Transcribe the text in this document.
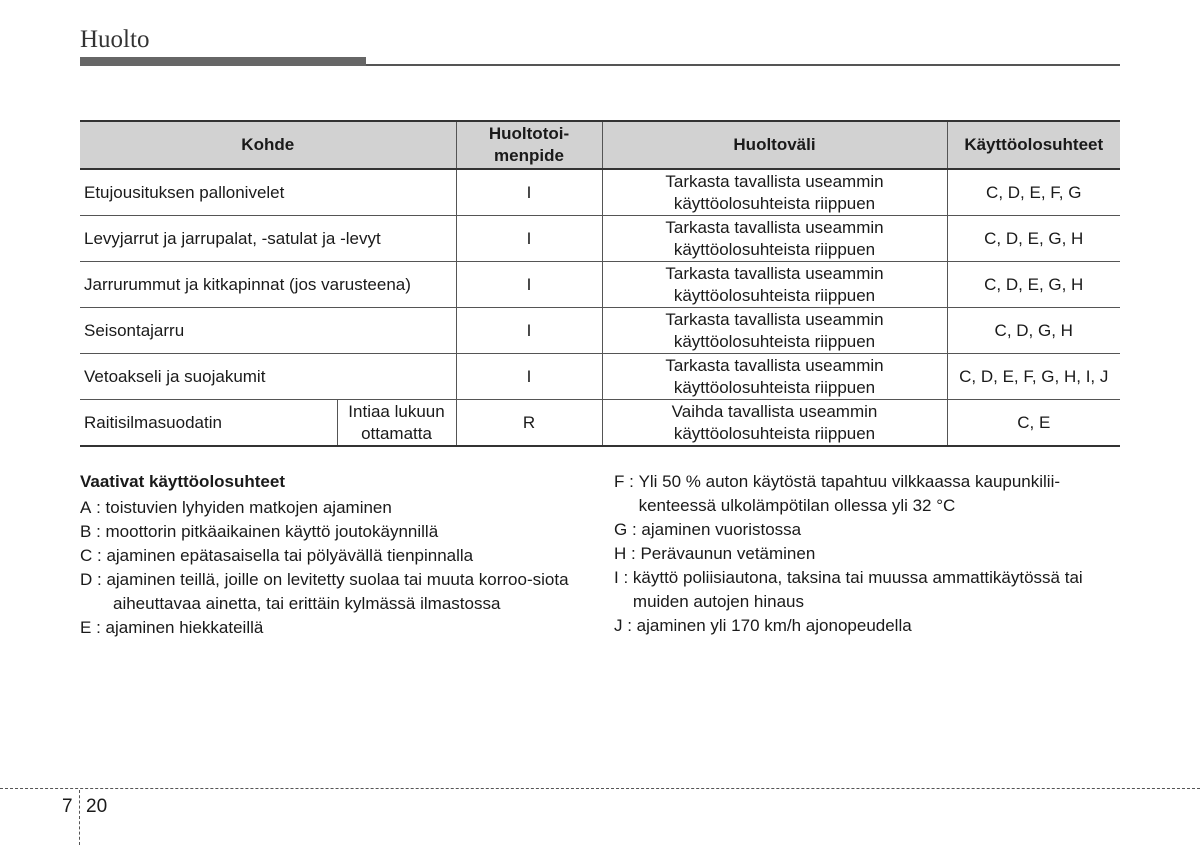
Huolto
Kohde		Huoltotoi-menpide	Huoltoväli	Käyttöolosuhteet
Etujousituksen pallonivelet		I	Tarkasta tavallista useammin käyttöolosuhteista riippuen	C, D, E, F, G
Levyjarrut ja jarrupalat, -satulat ja -levyt		I	Tarkasta tavallista useammin käyttöolosuhteista riippuen	C, D, E, G, H
Jarrurummut ja kitkapinnat (jos varusteena)		I	Tarkasta tavallista useammin käyttöolosuhteista riippuen	C, D, E, G, H
Seisontajarru		I	Tarkasta tavallista useammin käyttöolosuhteista riippuen	C, D, G, H
Vetoakseli ja suojakumit		I	Tarkasta tavallista useammin käyttöolosuhteista riippuen	C, D, E, F, G, H, I, J
Raitisilmasuodatin	Intiaa lukuun ottamatta	R	Vaihda tavallista useammin käyttöolosuhteista riippuen	C, E
Vaativat käyttöolosuhteet
A : toistuvien lyhyiden matkojen ajaminen
B : moottorin pitkäaikainen käyttö joutokäynnillä
C : ajaminen epätasaisella tai pölyävällä tienpinnalla
D : ajaminen teillä, joille on levitetty suolaa tai muuta korroo-siota
aiheuttavaa ainetta, tai erittäin kylmässä ilmastossa
E : ajaminen hiekkateillä
F : Yli 50 % auton käytöstä tapahtuu vilkkaassa kaupunkilii-kenteessä ulkolämpötilan ollessa yli 32 °C
G : ajaminen vuoristossa
H : Perävaunun vetäminen
I : käyttö poliisiautona, taksina tai muussa ammattikäytössä tai muiden autojen hinaus
J : ajaminen yli 170 km/h ajonopeudella
7 20
